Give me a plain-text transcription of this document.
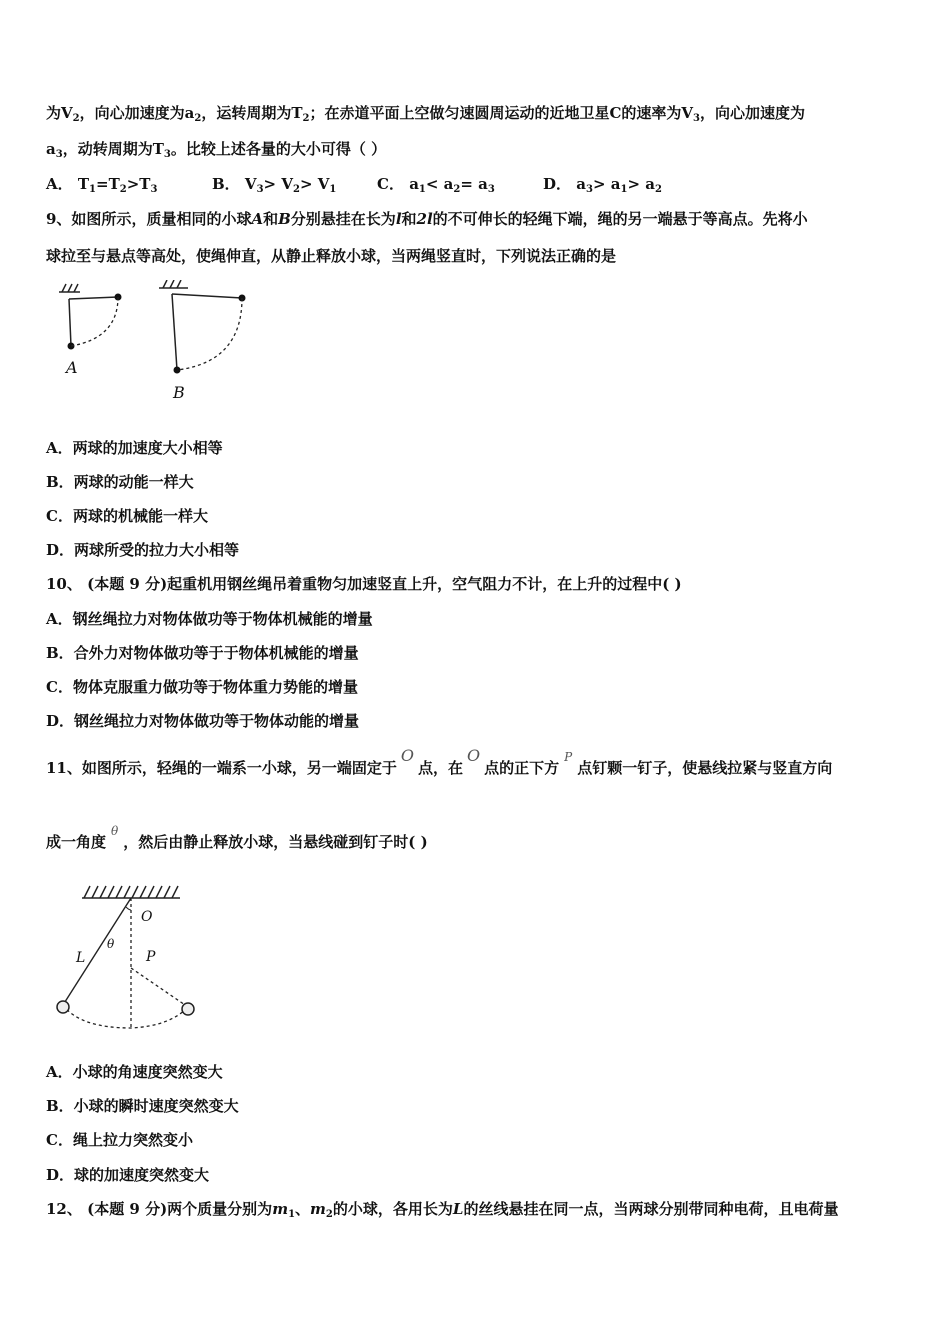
为$V_2$，向心加速度为$a_2$，运转周期为$T_2$；在赤道平面上空做匀速圆周运动的近地卫星C的速率为$V_3$，向心加速度为
$a_3$，动转周期为$T_3$。比较上述各量的大小可得（ ）
A． $T_1=T_2>T_3$	B． $V_3> V_2> V_1$	C． $a_1< a_2= a_3$	D． $a_3> a_1> a_2$
9、如图所示，质量相同的小球A和B分别悬挂在长为l和2l的不可伸长的轻绳下端，绳的另一端悬于等高点。先将小
球拉至与悬点等高处，使绳伸直，从静止释放小球，当两绳竖直时，下列说法正确的是
A
B
A．两球的加速度大小相等
B．两球的动能一样大
C．两球的机械能一样大
D．两球所受的拉力大小相等
10、 (本题 9 分)起重机用钢丝绳吊着重物匀加速竖直上升，空气阻力不计，在上升的过程中( )
A．钢丝绳拉力对物体做功等于物体机械能的增量
B．合外力对物体做功等于于物体机械能的增量
C．物体克服重力做功等于物体重力势能的增量
D．钢丝绳拉力对物体做功等于物体动能的增量
11、如图所示，轻绳的一端系一小球，另一端固定于O点，在O点的正下方$^P$点钉颗一钉子，使悬线拉紧与竖直方向
成一角度$^\theta$，然后由静止释放小球，当悬线碰到钉子时( )
O
L
θ
P
A．小球的角速度突然变大
B．小球的瞬时速度突然变大
C．绳上拉力突然变小
D．球的加速度突然变大
12、 (本题 9 分)两个质量分别为$m_1$、$m_2$的小球，各用长为L的丝线悬挂在同一点，当两球分别带同种电荷，且电荷量
